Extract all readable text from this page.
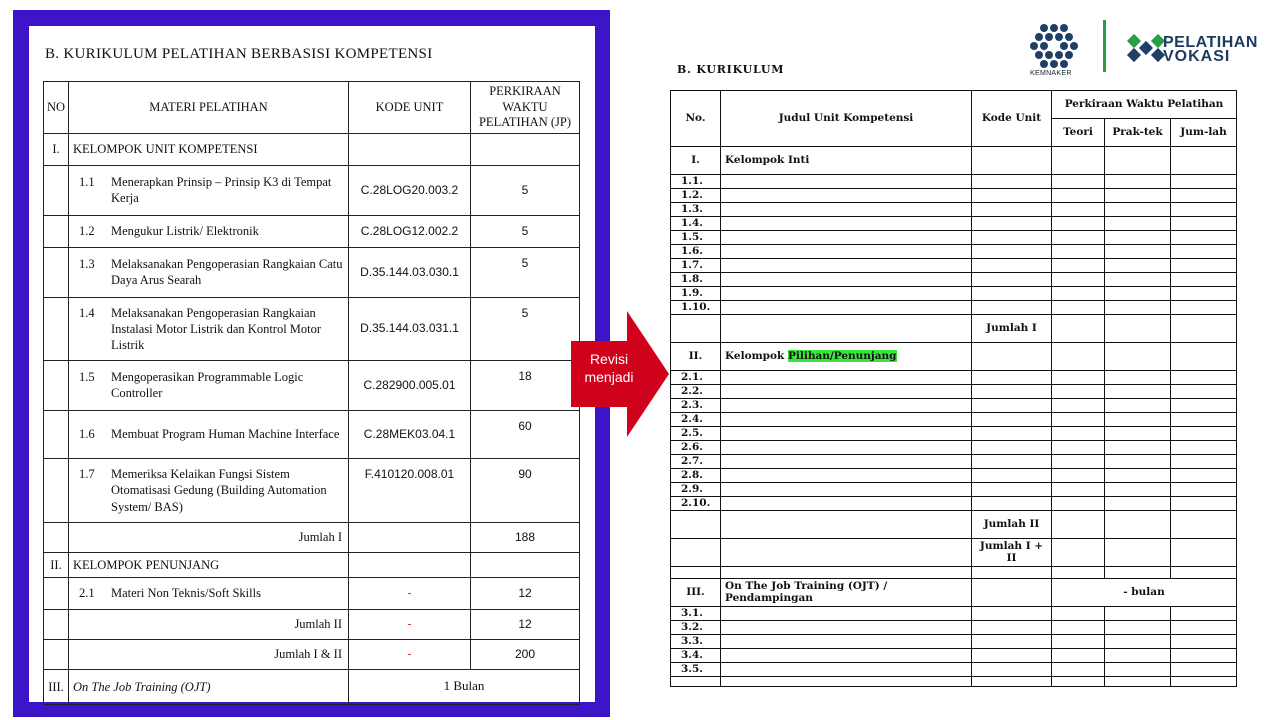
B. KURIKULUM PELATIHAN BERBASISI KOMPETENSI
NO	MATERI PELATIHAN	KODE UNIT	PERKIRAAN WAKTU PELATIHAN (JP)
I.	KELOMPOK UNIT KOMPETENSI		

	1.1 Menerapkan Prinsip – Prinsip K3 di Tempat Kerja	C.28LOG20.003.2	5

	1.2 Mengukur Listrik/ Elektronik	C.28LOG12.002.2	5

	1.3 Melaksanakan Pengoperasian Rangkaian Catu Daya Arus Searah	D.35.144.03.030.1	5

	1.4 Melaksanakan Pengoperasian Rangkaian Instalasi Motor Listrik dan Kontrol Motor Listrik	D.35.144.03.031.1	5

	1.5 Mengoperasikan Programmable Logic Controller	C.282900.005.01	18

	1.6 Membuat Program Human Machine Interface	C.28MEK03.04.1	60

	1.7 Memeriksa Kelaikan Fungsi Sistem Otomatisasi Gedung (Building Automation System/ BAS)	F.410120.008.01	90
	Jumlah I		188
II.	KELOMPOK PENUNJANG		

	2.1 Materi Non Teknis/Soft Skills	-	12
	Jumlah II	-	12
	Jumlah I & II	-	200
III.	On The Job Training (OJT)	1 Bulan	
Revisi
menjadi
KEMNAKER
PELATIHAN
VOKASI
B. KURIKULUM
No.	Judul Unit Kompetensi	Kode Unit	Perkiraan Waktu Pelatihan		
			Teori	Prak-tek	Jum-lah
I.	Kelompok Inti				
1.1.					
1.2.					
1.3.					
1.4.					
1.5.					
1.6.					
1.7.					
1.8.					
1.9.					
1.10.					
		Jumlah I			
II.	Kelompok Pilihan/Penunjang				
2.1.					
2.2.					
2.3.					
2.4.					
2.5.					
2.6.					
2.7.					
2.8.					
2.9.					
2.10.					
		Jumlah II			
		Jumlah I + II			

III.	On The Job Training (OJT) / Pendampingan		- bulan		
3.1.					
3.2.					
3.3.					
3.4.					
3.5.					
